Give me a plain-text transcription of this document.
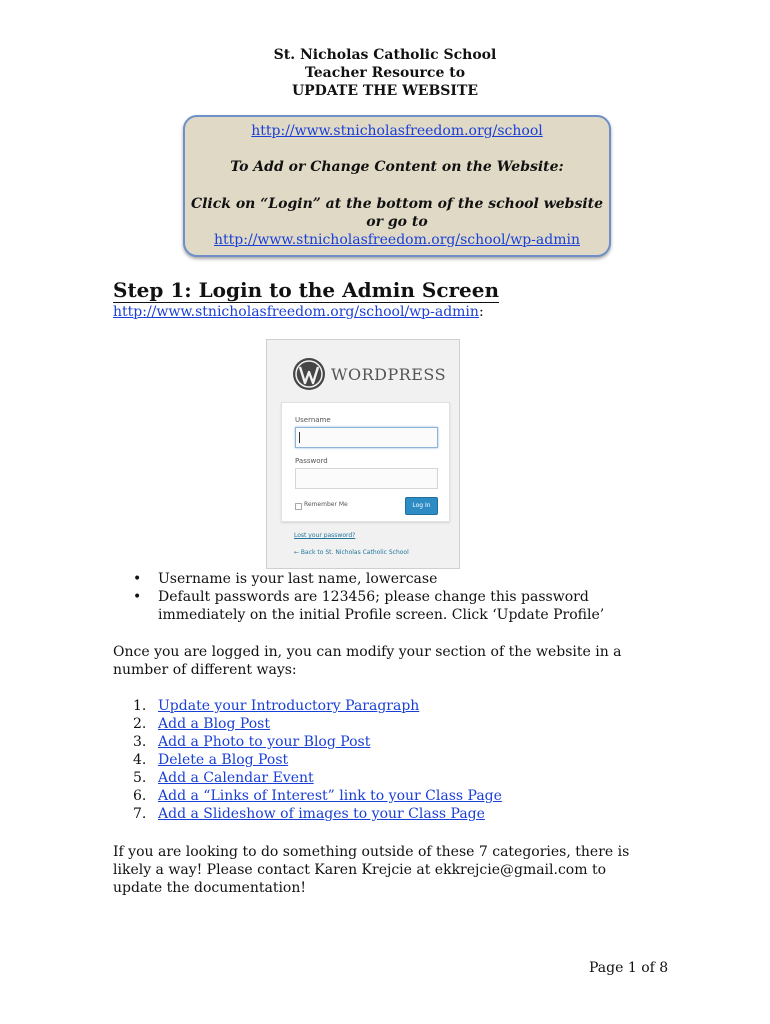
St. Nicholas Catholic School
Teacher Resource to
UPDATE THE WEBSITE
http://www.stnicholasfreedom.org/school
To Add or Change Content on the Website:
Click on “Login” at the bottom of the school website
or go to
http://www.stnicholasfreedom.org/school/wp-admin
Step 1: Login to the Admin Screen
http://www.stnicholasfreedom.org/school/wp-admin:
WORDPRESS
Username
Password
Remember Me	Log In
Lost your password?
← Back to St. Nicholas Catholic School
• Username is your last name, lowercase
• Default passwords are 123456; please change this password immediately on the initial Profile screen. Click ‘Update Profile’
Once you are logged in, you can modify your section of the website in a number of different ways:
1. Update your Introductory Paragraph
2. Add a Blog Post
3. Add a Photo to your Blog Post
4. Delete a Blog Post
5. Add a Calendar Event
6. Add a “Links of Interest” link to your Class Page
7. Add a Slideshow of images to your Class Page
If you are looking to do something outside of these 7 categories, there is likely a way! Please contact Karen Krejcie at ekkrejcie@gmail.com to update the documentation!
Page 1 of 8
